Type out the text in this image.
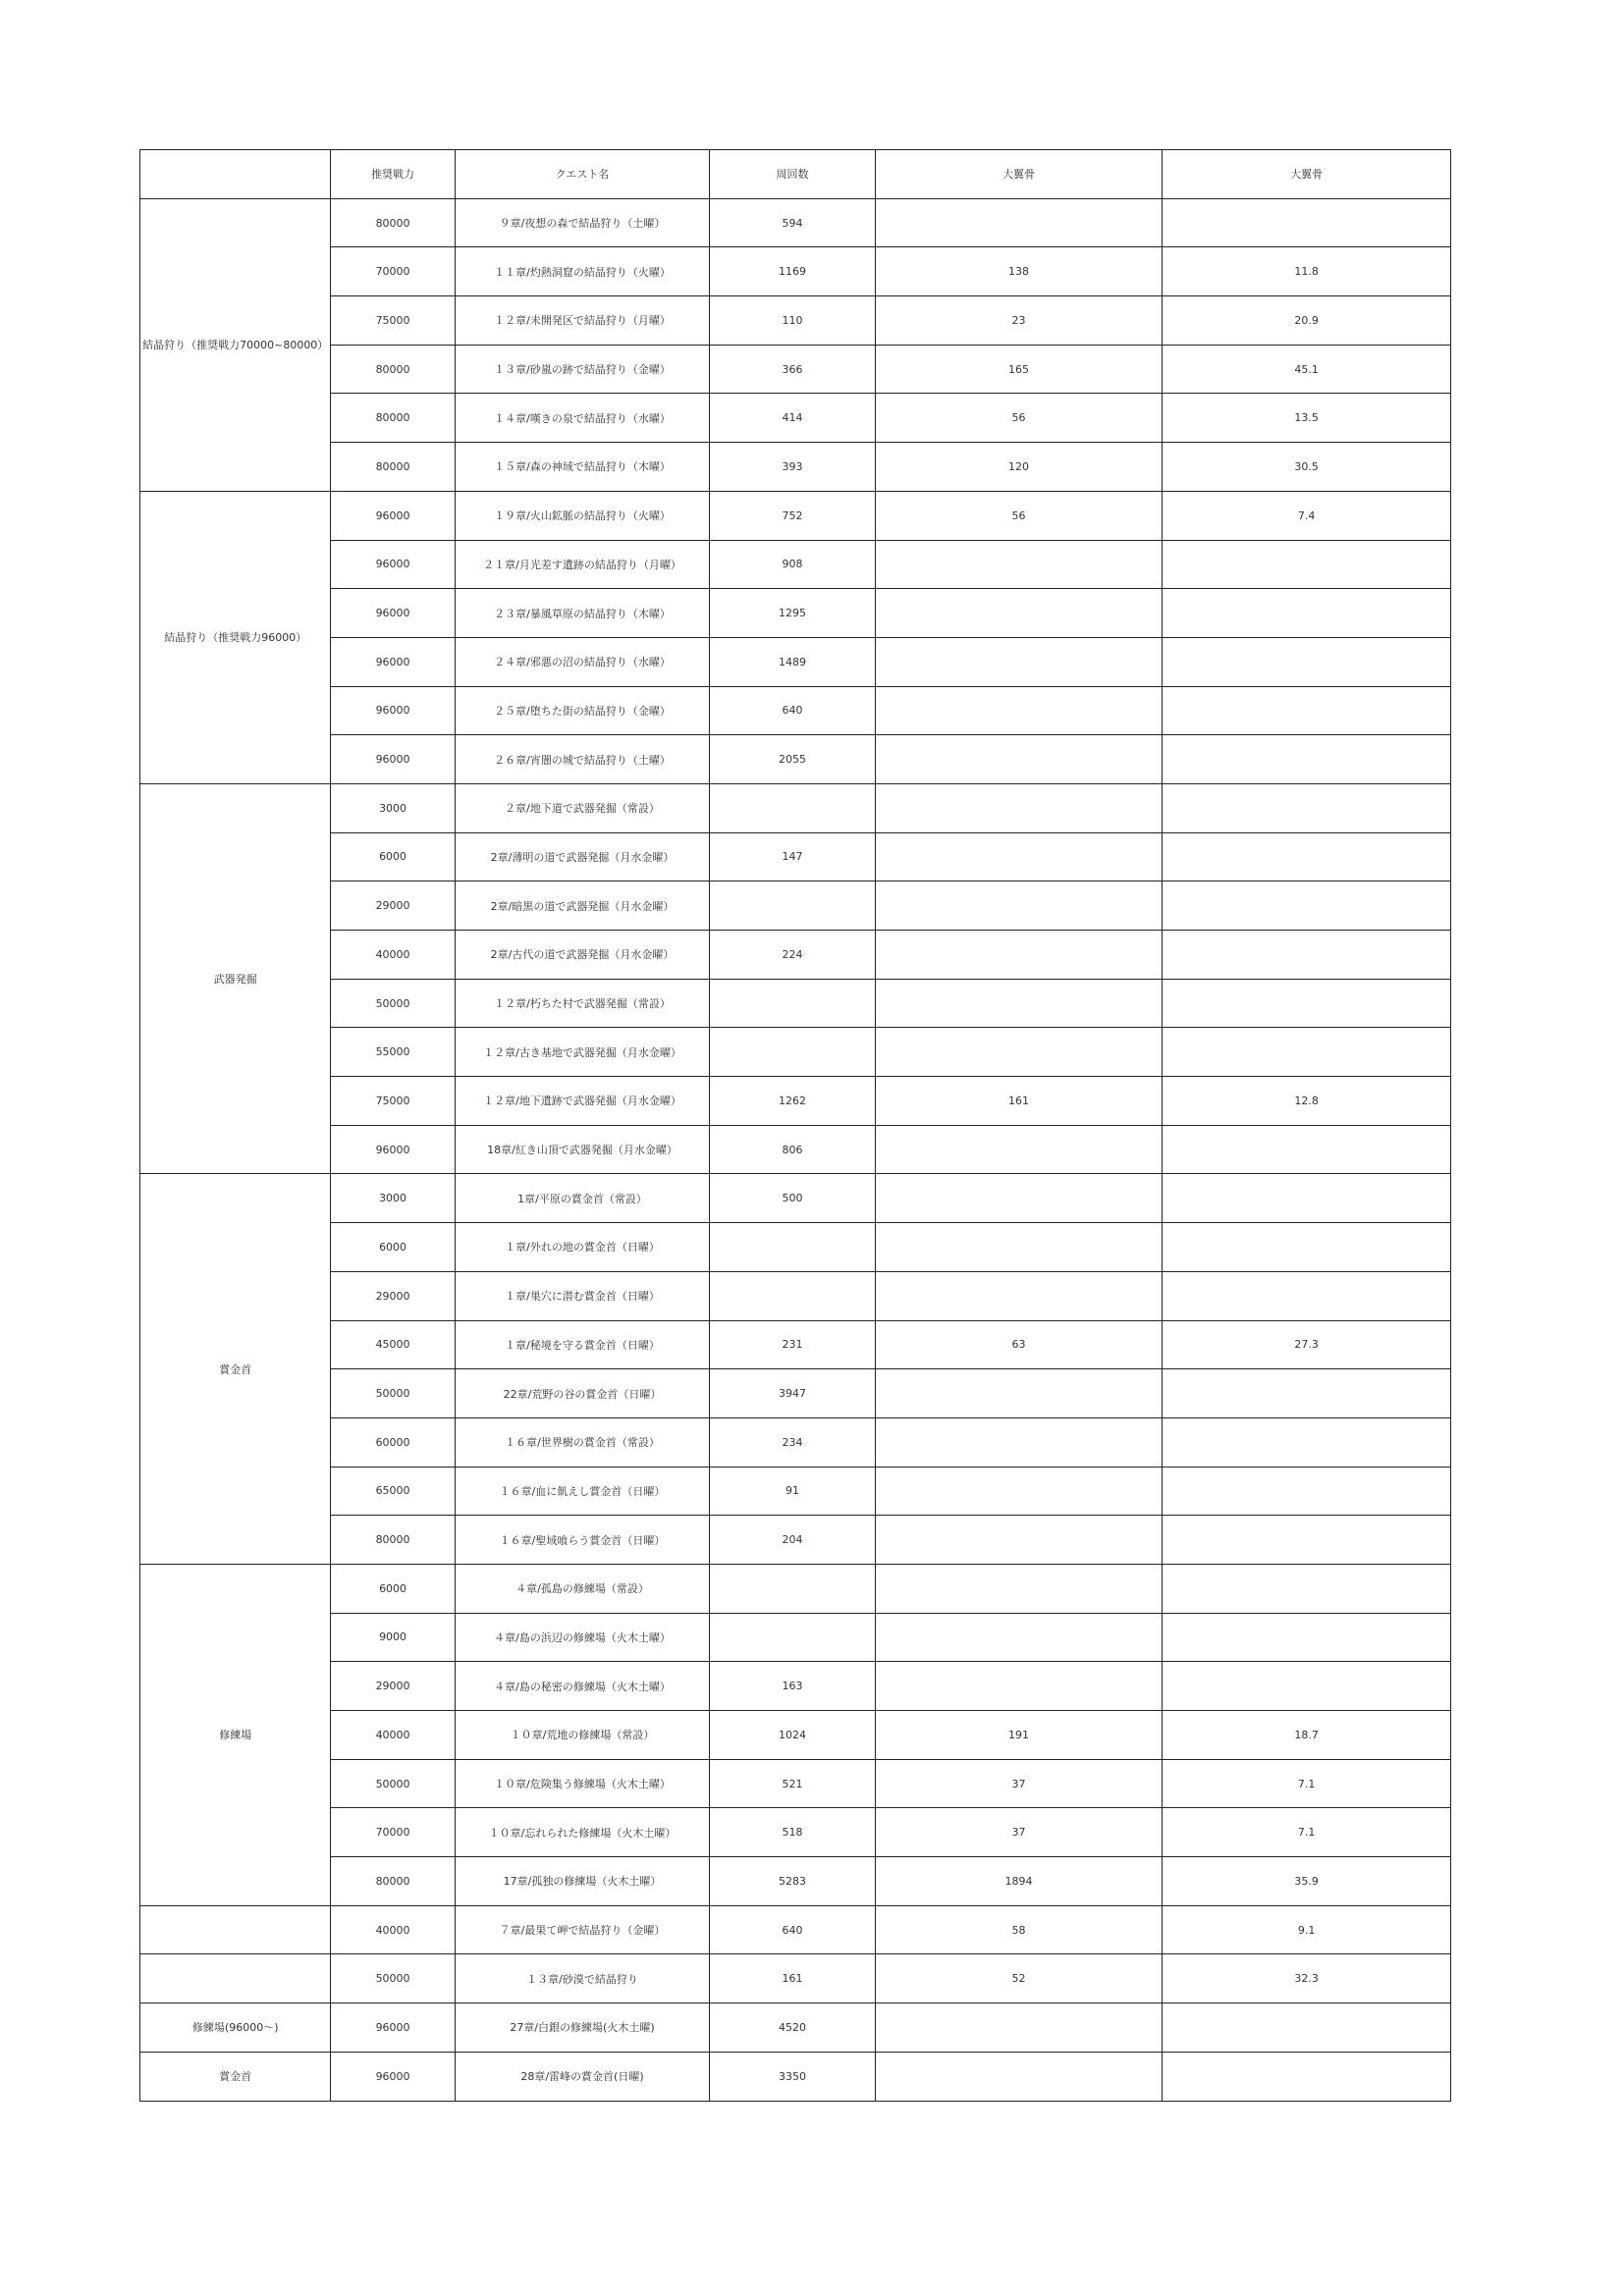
	推奨戦力	クエスト名	周回数	大翼骨	大翼骨
結晶狩り（推奨戦力70000~80000）	80000	９章/夜想の森で結晶狩り（土曜）	594		
	70000	１１章/灼熱洞窟の結晶狩り（火曜）	1169	138	11.8
	75000	１２章/未開発区で結晶狩り（月曜）	110	23	20.9
	80000	１３章/砂嵐の跡で結晶狩り（金曜）	366	165	45.1
	80000	１４章/嘆きの泉で結晶狩り（水曜）	414	56	13.5
	80000	１５章/森の神域で結晶狩り（木曜）	393	120	30.5
結晶狩り（推奨戦力96000）	96000	１９章/火山鉱脈の結晶狩り（火曜）	752	56	7.4
	96000	２１章/月光差す遺跡の結晶狩り（月曜）	908		
	96000	２３章/暴風草原の結晶狩り（木曜）	1295		
	96000	２４章/邪悪の沼の結晶狩り（水曜）	1489		
	96000	２５章/堕ちた街の結晶狩り（金曜）	640		
	96000	２６章/宵闇の城で結晶狩り（土曜）	2055		
武器発掘	3000	２章/地下道で武器発掘（常設）			
	6000	2章/薄明の道で武器発掘（月水金曜）	147		
	29000	2章/暗黒の道で武器発掘（月水金曜）			
	40000	2章/古代の道で武器発掘（月水金曜）	224		
	50000	１２章/朽ちた村で武器発掘（常設）			
	55000	１２章/古き基地で武器発掘（月水金曜）			
	75000	１２章/地下遺跡で武器発掘（月水金曜）	1262	161	12.8
	96000	18章/紅き山頂で武器発掘（月水金曜）	806		
賞金首	3000	1章/平原の賞金首（常設）	500		
	6000	１章/外れの地の賞金首（日曜）			
	29000	１章/巣穴に潜む賞金首（日曜）			
	45000	１章/秘境を守る賞金首（日曜）	231	63	27.3
	50000	22章/荒野の谷の賞金首（日曜）	3947		
	60000	１６章/世界樹の賞金首（常設）	234		
	65000	１６章/血に飢えし賞金首（日曜）	91		
	80000	１６章/聖域喰らう賞金首（日曜）	204		
修練場	6000	４章/孤島の修練場（常設）			
	9000	４章/島の浜辺の修練場（火木土曜）			
	29000	４章/島の秘密の修練場（火木土曜）	163		
	40000	１０章/荒地の修練場（常設）	1024	191	18.7
	50000	１０章/危険集う修練場（火木土曜）	521	37	7.1
	70000	１０章/忘れられた修練場（火木土曜）	518	37	7.1
	80000	17章/孤独の修練場（火木土曜）	5283	1894	35.9
	40000	７章/最果て岬で結晶狩り（金曜）	640	58	9.1
	50000	１３章/砂漠で結晶狩り	161	52	32.3
修練場(96000～)	96000	27章/白銀の修練場(火木土曜)	4520		
賞金首	96000	28章/雷峰の賞金首(日曜)	3350		
